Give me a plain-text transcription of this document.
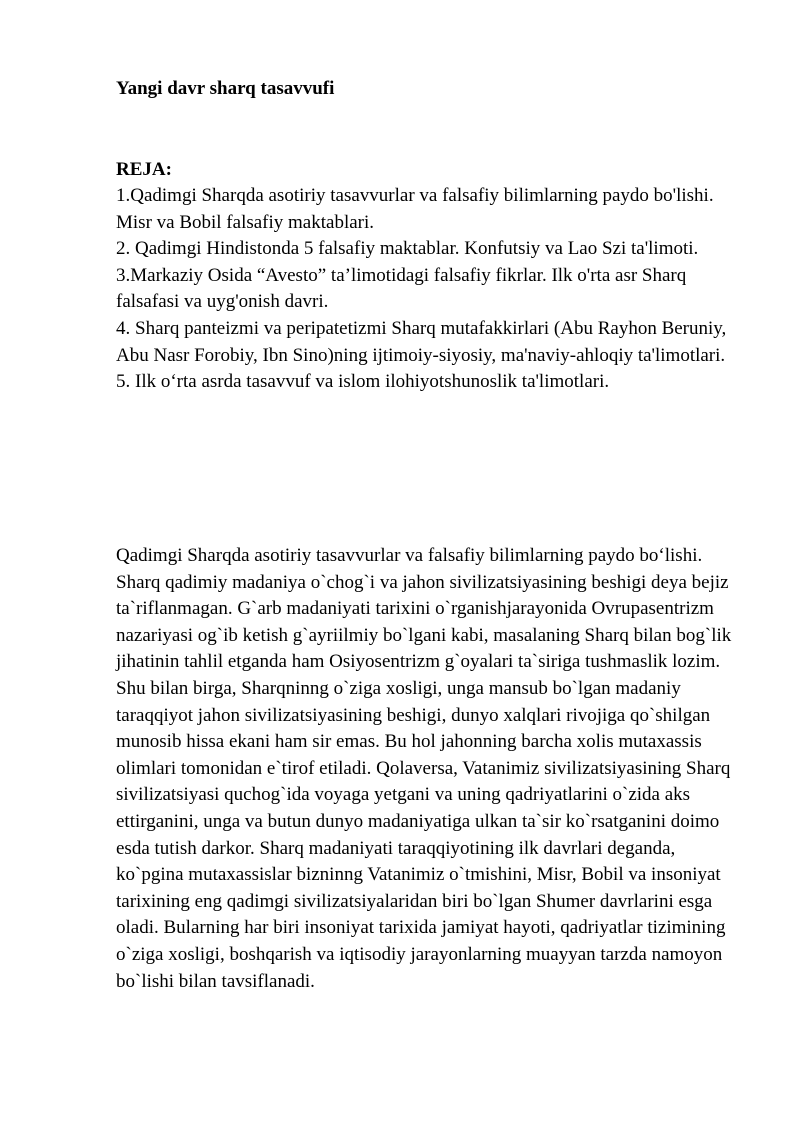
Yangi davr sharq tasavvufi
REJA:
1.Qadimgi Sharqda asotiriy tasavvurlar va falsafiy bilimlarning paydo bo'lishi. Misr va Bobil falsafiy maktablari.
2. Qadimgi Hindistonda 5 falsafiy maktablar. Konfutsiy va Lao Szi ta'limoti.
3.Markaziy Osida “Avesto” ta’limotidagi falsafiy fikrlar. Ilk o'rta asr Sharq falsafasi va uyg'onish davri.
4. Sharq panteizmi va peripatetizmi Sharq mutafakkirlari (Abu Rayhon Beruniy, Abu Nasr Forobiy, Ibn Sino)ning ijtimoiy-siyosiy, ma'naviy-ahloqiy ta'limotlari.
5. Ilk o‘rta asrda tasavvuf va islom ilohiyotshunoslik ta'limotlari.

Qadimgi Sharqda asotiriy tasavvurlar va falsafiy bilimlarning paydo bo‘lishi. Sharq qadimiy madaniya o`chog`i va jahon sivilizatsiyasining beshigi deya bejiz ta`riflanmagan. G`arb madaniyati tarixini o`rganishjarayonida Ovrupasentrizm nazariyasi og`ib ketish g`ayriilmiy bo`lgani kabi, masalaning Sharq bilan bog`lik jihatinin tahlil etganda ham Osiyosentrizm g`oyalari ta`siriga tushmaslik lozim.

Shu bilan birga, Sharqninng o`ziga xosligi, unga mansub bo`lgan madaniy taraqqiyot jahon sivilizatsiyasining beshigi, dunyo xalqlari rivojiga qo`shilgan munosib hissa ekani ham sir emas. Bu hol jahonning barcha xolis mutaxassis olimlari tomonidan e`tirof etiladi. Qolaversa, Vatanimiz sivilizatsiyasining Sharq sivilizatsiyasi quchog`ida voyaga yetgani va uning qadriyatlarini o`zida aks ettirganini, unga va butun dunyo madaniyatiga ulkan ta`sir ko`rsatganini doimo esda tutish darkor. Sharq madaniyati taraqqiyotining ilk davrlari deganda, ko`pgina mutaxassislar bizninng Vatanimiz o`tmishini, Misr, Bobil va insoniyat tarixining eng qadimgi sivilizatsiyalaridan biri bo`lgan Shumer davrlarini esga oladi. Bularning har biri insoniyat tarixida jamiyat hayoti, qadriyatlar tizimining o`ziga xosligi, boshqarish va iqtisodiy jarayonlarning muayyan tarzda namoyon bo`lishi bilan tavsiflanadi.
